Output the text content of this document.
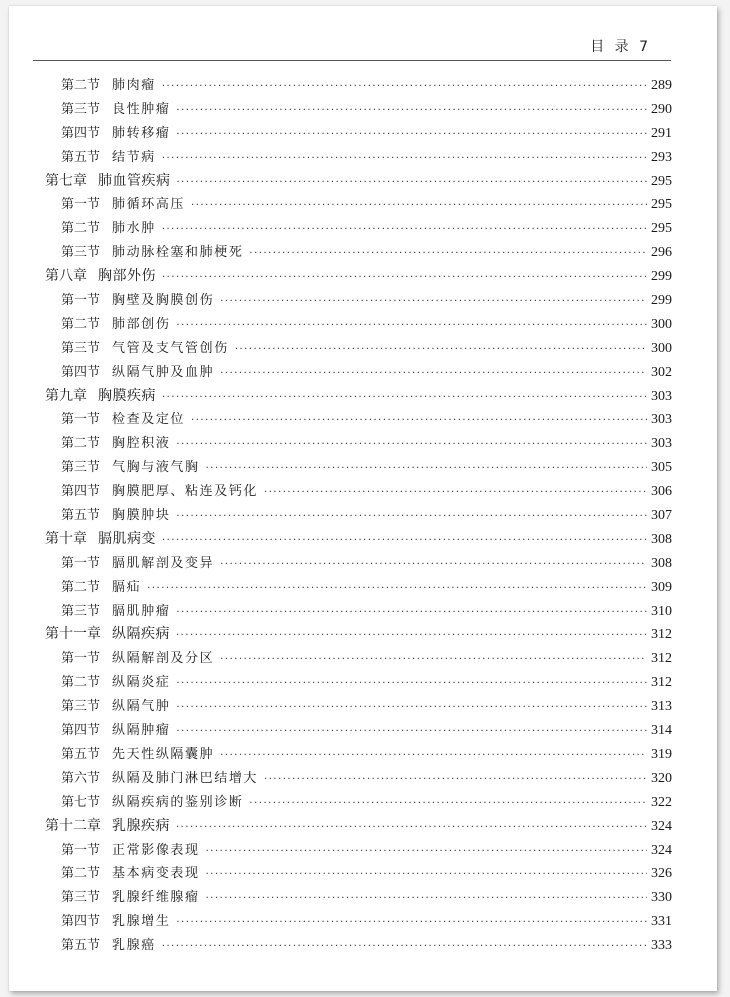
目 录 7
第二节 肺肉瘤 ·····	289
第三节 良性肿瘤 ·····	290
第四节 肺转移瘤 ·····	291
第五节 结节病 ·····	293
第七章 肺血管疾病 ·····	295
第一节 肺循环高压 ·····	295
第二节 肺水肿 ·····	295
第三节 肺动脉栓塞和肺梗死 ·····	296
第八章 胸部外伤 ·····	299
第一节 胸壁及胸膜创伤 ·····	299
第二节 肺部创伤 ·····	300
第三节 气管及支气管创伤 ·····	300
第四节 纵隔气肿及血肿 ·····	302
第九章 胸膜疾病 ·····	303
第一节 检查及定位 ·····	303
第二节 胸腔积液 ·····	303
第三节 气胸与液气胸 ·····	305
第四节 胸膜肥厚、粘连及钙化 ·····	306
第五节 胸膜肿块 ·····	307
第十章 膈肌病变 ·····	308
第一节 膈肌解剖及变异 ·····	308
第二节 膈疝 ·····	309
第三节 膈肌肿瘤 ·····	310
第十一章 纵隔疾病 ·····	312
第一节 纵隔解剖及分区 ·····	312
第二节 纵隔炎症 ·····	312
第三节 纵隔气肿 ·····	313
第四节 纵隔肿瘤 ·····	314
第五节 先天性纵隔囊肿 ·····	319
第六节 纵隔及肺门淋巴结增大 ·····	320
第七节 纵隔疾病的鉴别诊断 ·····	322
第十二章 乳腺疾病 ·····	324
第一节 正常影像表现 ·····	324
第二节 基本病变表现 ·····	326
第三节 乳腺纤维腺瘤 ·····	330
第四节 乳腺增生 ·····	331
第五节 乳腺癌 ·····	333
